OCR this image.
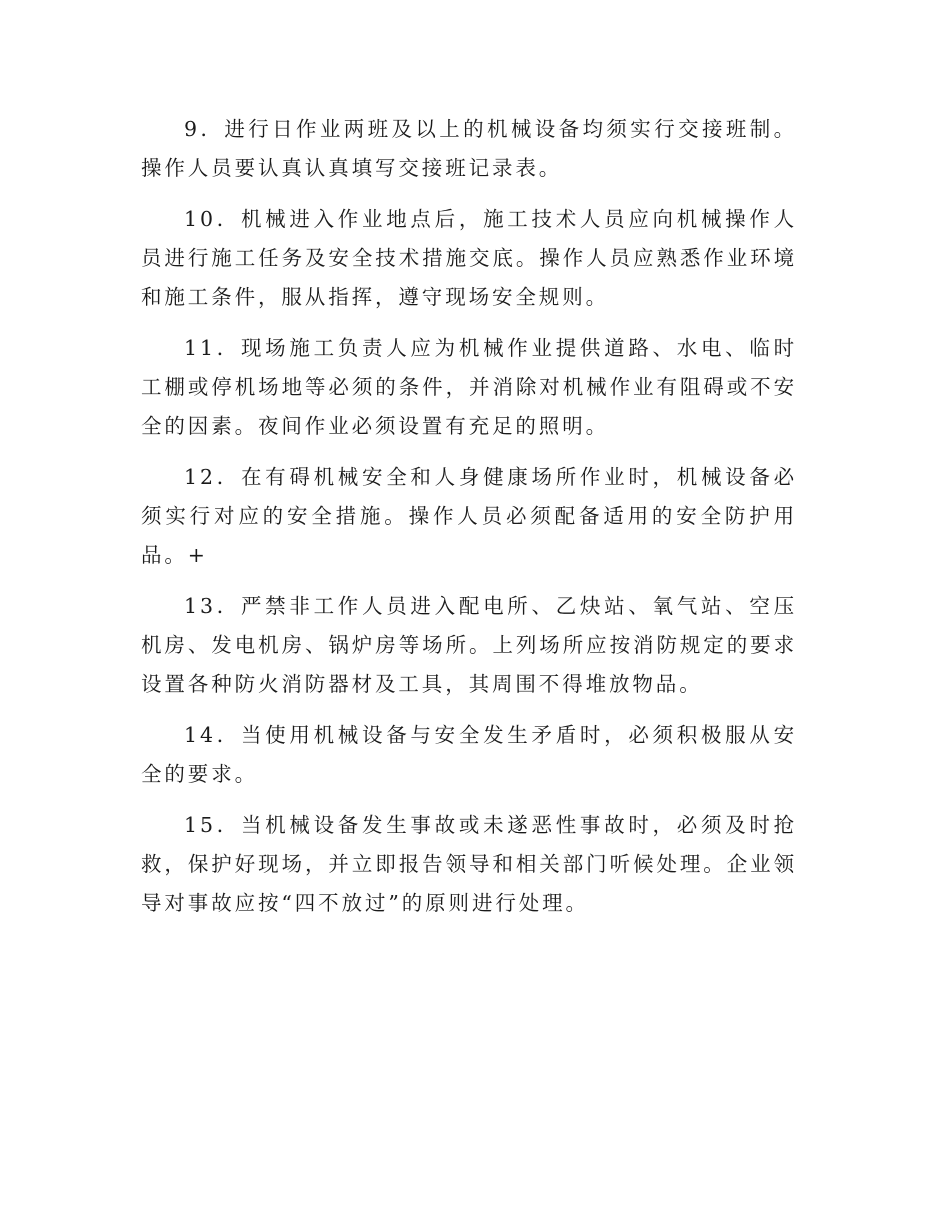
9．进行日作业两班及以上的机械设备均须实行交接班制。操作人员要认真认真填写交接班记录表。

10．机械进入作业地点后，施工技术人员应向机械操作人员进行施工任务及安全技术措施交底。操作人员应熟悉作业环境和施工条件，服从指挥，遵守现场安全规则。

11．现场施工负责人应为机械作业提供道路、水电、临时工棚或停机场地等必须的条件，并消除对机械作业有阻碍或不安全的因素。夜间作业必须设置有充足的照明。

12．在有碍机械安全和人身健康场所作业时，机械设备必须实行对应的安全措施。操作人员必须配备适用的安全防护用品。+

13．严禁非工作人员进入配电所、乙炔站、氧气站、空压机房、发电机房、锅炉房等场所。上列场所应按消防规定的要求设置各种防火消防器材及工具，其周围不得堆放物品。

14．当使用机械设备与安全发生矛盾时，必须积极服从安全的要求。

15．当机械设备发生事故或未遂恶性事故时，必须及时抢救，保护好现场，并立即报告领导和相关部门听候处理。企业领导对事故应按“四不放过”的原则进行处理。
